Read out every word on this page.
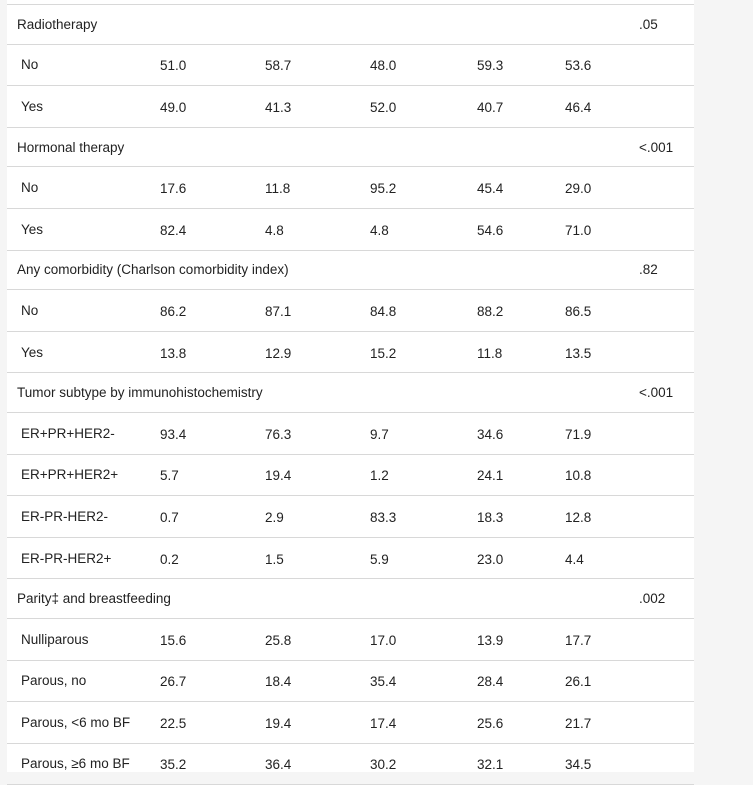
Radiotherapy						.05
No	51.0	58.7	48.0	59.3	53.6	
Yes	49.0	41.3	52.0	40.7	46.4	
Hormonal therapy						<.001
No	17.6	11.8	95.2	45.4	29.0	
Yes	82.4	4.8	4.8	54.6	71.0	
Any comorbidity (Charlson comorbidity index)						.82
No	86.2	87.1	84.8	88.2	86.5	
Yes	13.8	12.9	15.2	11.8	13.5	
Tumor subtype by immunohistochemistry						<.001
ER+PR+HER2-	93.4	76.3	9.7	34.6	71.9	
ER+PR+HER2+	5.7	19.4	1.2	24.1	10.8	
ER-PR-HER2-	0.7	2.9	83.3	18.3	12.8	
ER-PR-HER2+	0.2	1.5	5.9	23.0	4.4	
Parity‡ and breastfeeding						.002
Nulliparous	15.6	25.8	17.0	13.9	17.7	
Parous, no	26.7	18.4	35.4	28.4	26.1	
Parous, <6 mo BF	22.5	19.4	17.4	25.6	21.7	
Parous, ≥6 mo BF	35.2	36.4	30.2	32.1	34.5	
